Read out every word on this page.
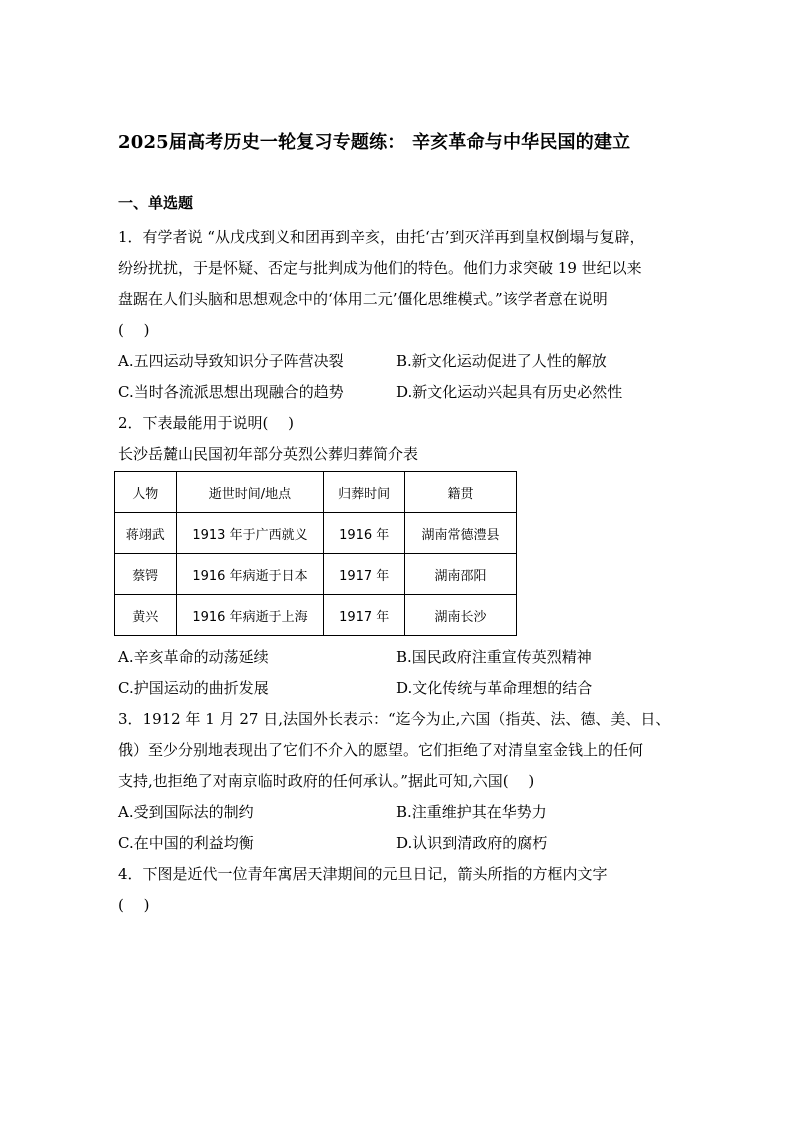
2025届高考历史一轮复习专题练： 辛亥革命与中华民国的建立
一、单选题
1．有学者说 “从戊戌到义和团再到辛亥，由托‘古’到灭洋再到皇权倒塌与复辟，
纷纷扰扰，于是怀疑、否定与批判成为他们的特色。他们力求突破 19 世纪以来
盘踞在人们头脑和思想观念中的‘体用二元’僵化思维模式。”该学者意在说明
(　 )
A.五四运动导致知识分子阵营决裂	B.新文化运动促进了人性的解放
C.当时各流派思想出现融合的趋势	D.新文化运动兴起具有历史必然性
2．下表最能用于说明(　 )
长沙岳麓山民国初年部分英烈公葬归葬简介表
人物	逝世时间/地点	归葬时间	籍贯
蒋翊武	1913 年于广西就义	1916 年	湖南常德澧县
蔡锷	1916 年病逝于日本	1917 年	湖南邵阳
黄兴	1916 年病逝于上海	1917 年	湖南长沙
A.辛亥革命的动荡延续	B.国民政府注重宣传英烈精神
C.护国运动的曲折发展	D.文化传统与革命理想的结合
3．1912 年 1 月 27 日,法国外长表示：“迄今为止,六国（指英、法、德、美、日、
俄）至少分别地表现出了它们不介入的愿望。它们拒绝了对清皇室金钱上的任何
支持,也拒绝了对南京临时政府的任何承认。”据此可知,六国(　 )
A.受到国际法的制约	B.注重维护其在华势力
C.在中国的利益均衡	D.认识到清政府的腐朽
4．下图是近代一位青年寓居天津期间的元旦日记，箭头所指的方框内文字
(　 )
